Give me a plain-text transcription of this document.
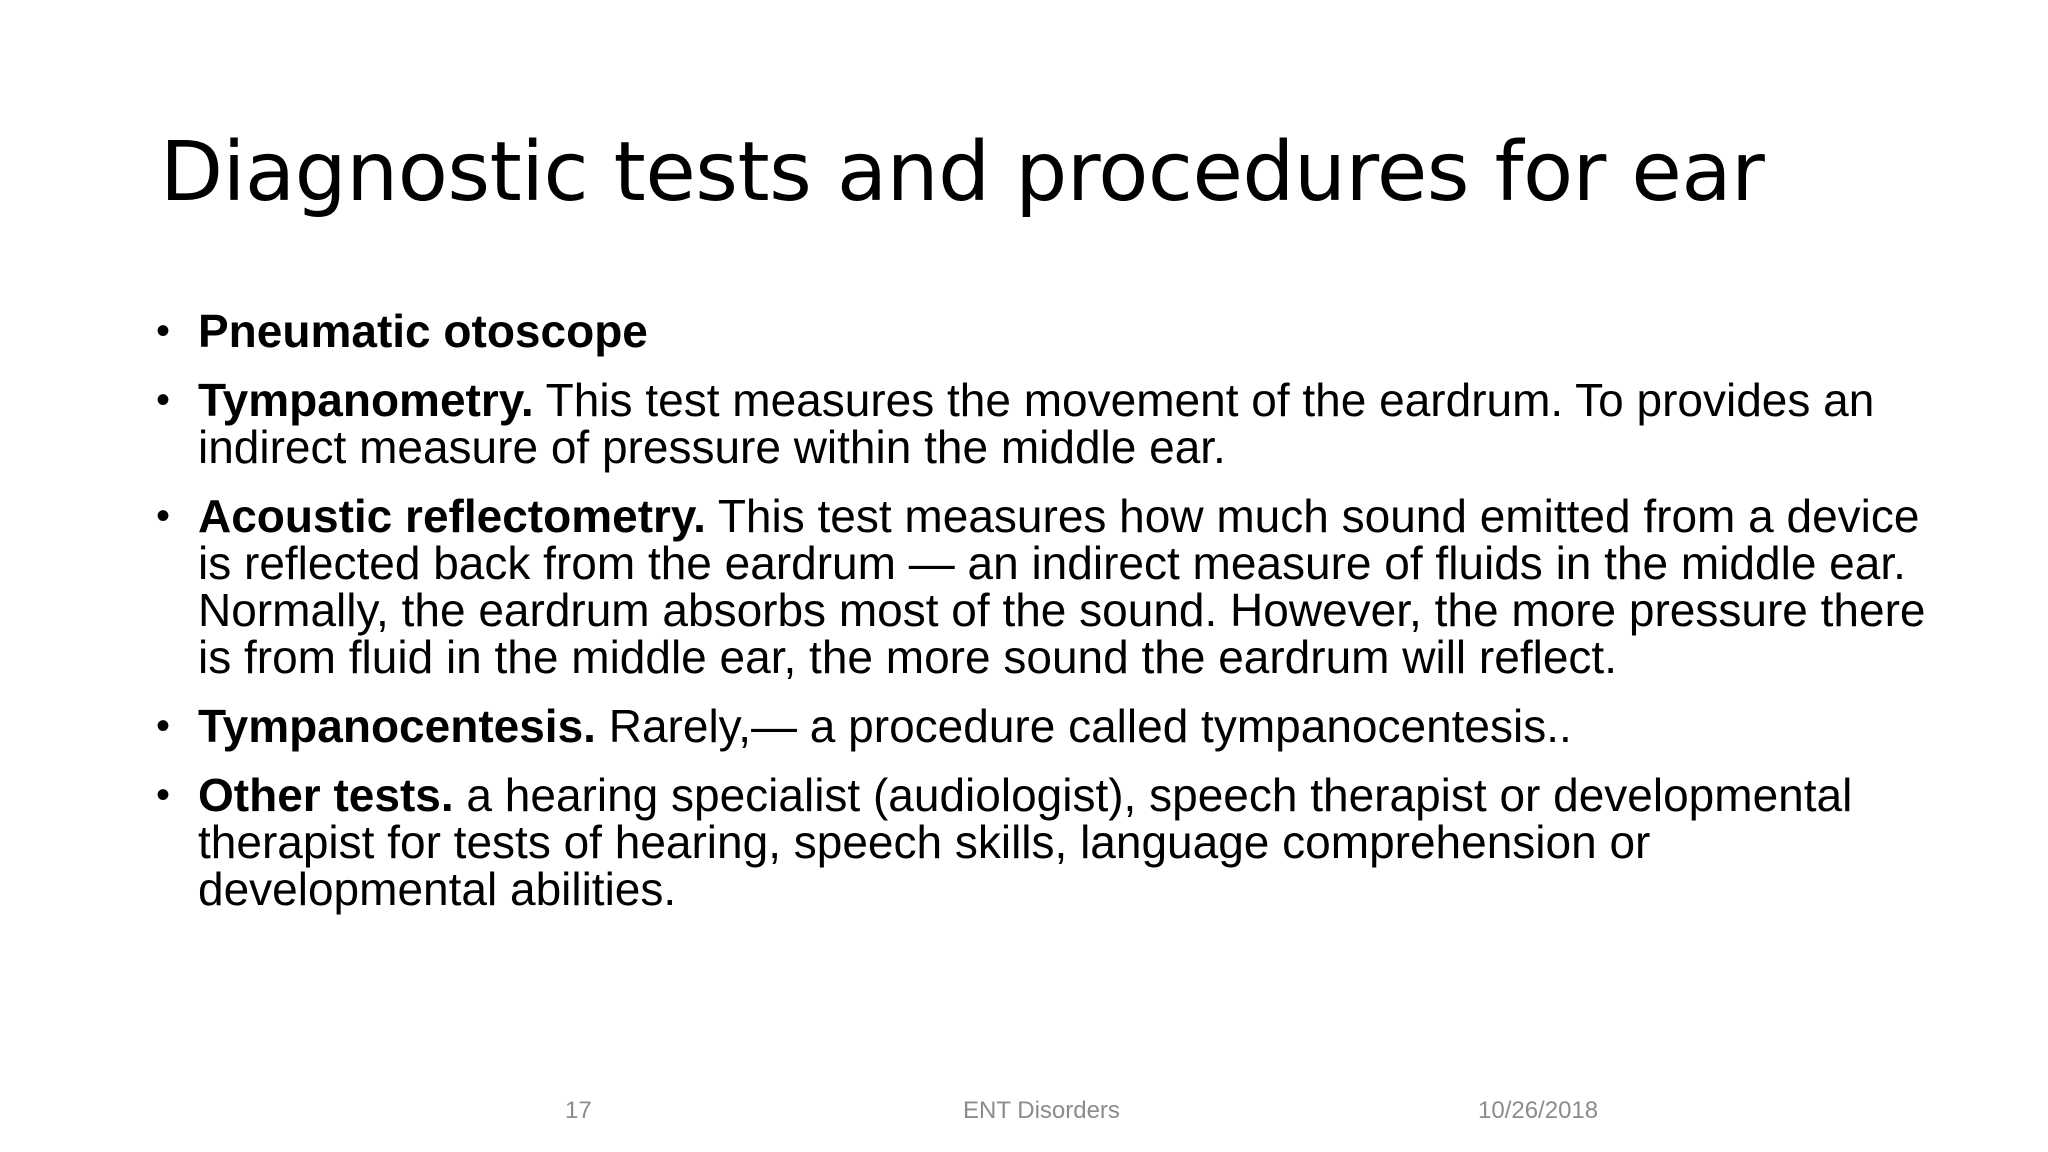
Diagnostic tests and procedures for ear
• Pneumatic otoscope
• Tympanometry. This test measures the movement of the eardrum. To provides an indirect measure of pressure within the middle ear.
• Acoustic reflectometry. This test measures how much sound emitted from a device is reflected back from the eardrum — an indirect measure of fluids in the middle ear. Normally, the eardrum absorbs most of the sound. However, the more pressure there is from fluid in the middle ear, the more sound the eardrum will reflect.
• Tympanocentesis. Rarely,— a procedure called tympanocentesis..
• Other tests. a hearing specialist (audiologist), speech therapist or developmental therapist for tests of hearing, speech skills, language comprehension or developmental abilities.
17	ENT Disorders	10/26/2018
